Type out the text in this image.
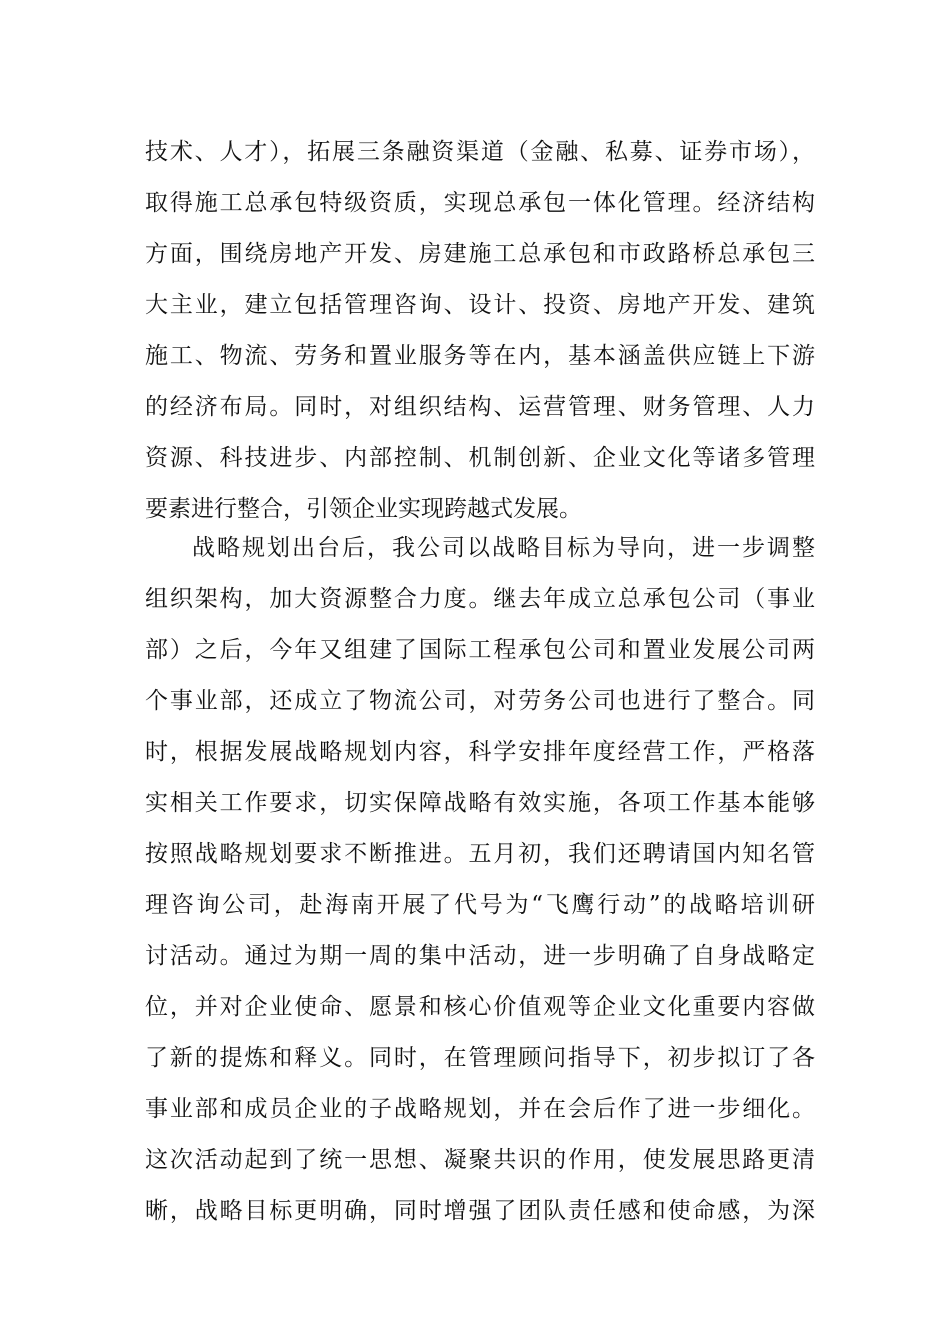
技术、人才），拓展三条融资渠道（金融、私募、证券市场），
取得施工总承包特级资质，实现总承包一体化管理。经济结构
方面，围绕房地产开发、房建施工总承包和市政路桥总承包三
大主业，建立包括管理咨询、设计、投资、房地产开发、建筑
施工、物流、劳务和置业服务等在内，基本涵盖供应链上下游
的经济布局。同时，对组织结构、运营管理、财务管理、人力
资源、科技进步、内部控制、机制创新、企业文化等诸多管理
要素进行整合，引领企业实现跨越式发展。
战略规划出台后，我公司以战略目标为导向，进一步调整
组织架构，加大资源整合力度。继去年成立总承包公司（事业
部）之后，今年又组建了国际工程承包公司和置业发展公司两
个事业部，还成立了物流公司，对劳务公司也进行了整合。同
时，根据发展战略规划内容，科学安排年度经营工作，严格落
实相关工作要求，切实保障战略有效实施，各项工作基本能够
按照战略规划要求不断推进。五月初，我们还聘请国内知名管
理咨询公司，赴海南开展了代号为“飞鹰行动”的战略培训研
讨活动。通过为期一周的集中活动，进一步明确了自身战略定
位，并对企业使命、愿景和核心价值观等企业文化重要内容做
了新的提炼和释义。同时，在管理顾问指导下，初步拟订了各
事业部和成员企业的子战略规划，并在会后作了进一步细化。
这次活动起到了统一思想、凝聚共识的作用，使发展思路更清
晰，战略目标更明确，同时增强了团队责任感和使命感，为深
